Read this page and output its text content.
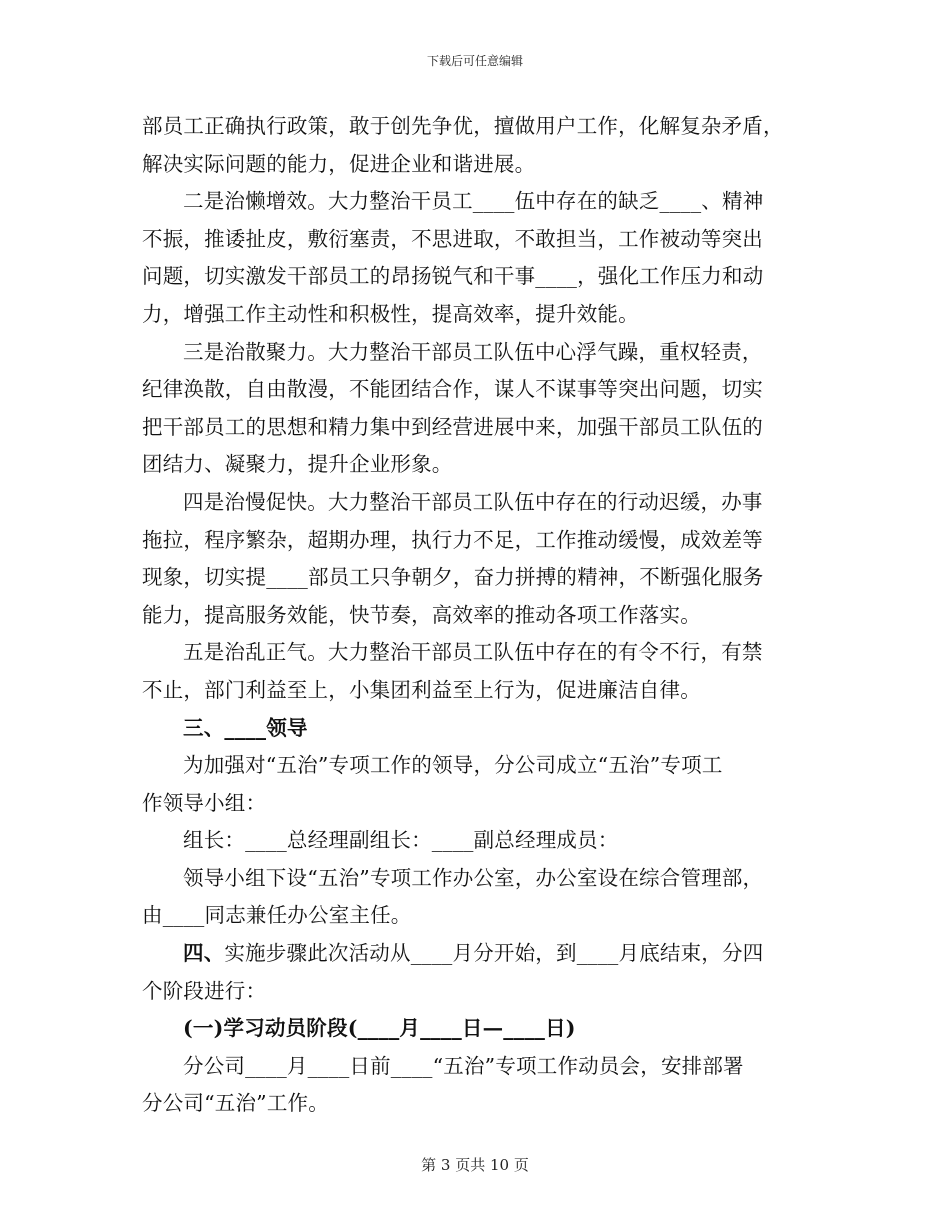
下载后可任意编辑

部员工正确执行政策，敢于创先争优，擅做用户工作，化解复杂矛盾，

解决实际问题的能力，促进企业和谐进展。

二是治懒增效。大力整治干员工____伍中存在的缺乏____、精神

不振，推诿扯皮，敷衍塞责，不思进取，不敢担当，工作被动等突出

问题，切实激发干部员工的昂扬锐气和干事____，强化工作压力和动

力，增强工作主动性和积极性，提高效率，提升效能。

三是治散聚力。大力整治干部员工队伍中心浮气躁，重权轻责，

纪律涣散，自由散漫，不能团结合作，谋人不谋事等突出问题，切实

把干部员工的思想和精力集中到经营进展中来，加强干部员工队伍的

团结力、凝聚力，提升企业形象。

四是治慢促快。大力整治干部员工队伍中存在的行动迟缓，办事

拖拉，程序繁杂，超期办理，执行力不足，工作推动缓慢，成效差等

现象，切实提____部员工只争朝夕，奋力拼搏的精神，不断强化服务

能力，提高服务效能，快节奏，高效率的推动各项工作落实。

五是治乱正气。大力整治干部员工队伍中存在的有令不行，有禁

不止，部门利益至上，小集团利益至上行为，促进廉洁自律。

三、____领导

为加强对“五治”专项工作的领导，分公司成立“五治”专项工

作领导小组：

组长：____总经理副组长：____副总经理成员：

领导小组下设“五治”专项工作办公室，办公室设在综合管理部，

由____同志兼任办公室主任。

四、实施步骤此次活动从____月分开始，到____月底结束，分四

个阶段进行：

(一)学习动员阶段(____月____日—____日)

分公司____月____日前____“五治”专项工作动员会，安排部署

分公司“五治”工作。

第 3 页共 10 页
